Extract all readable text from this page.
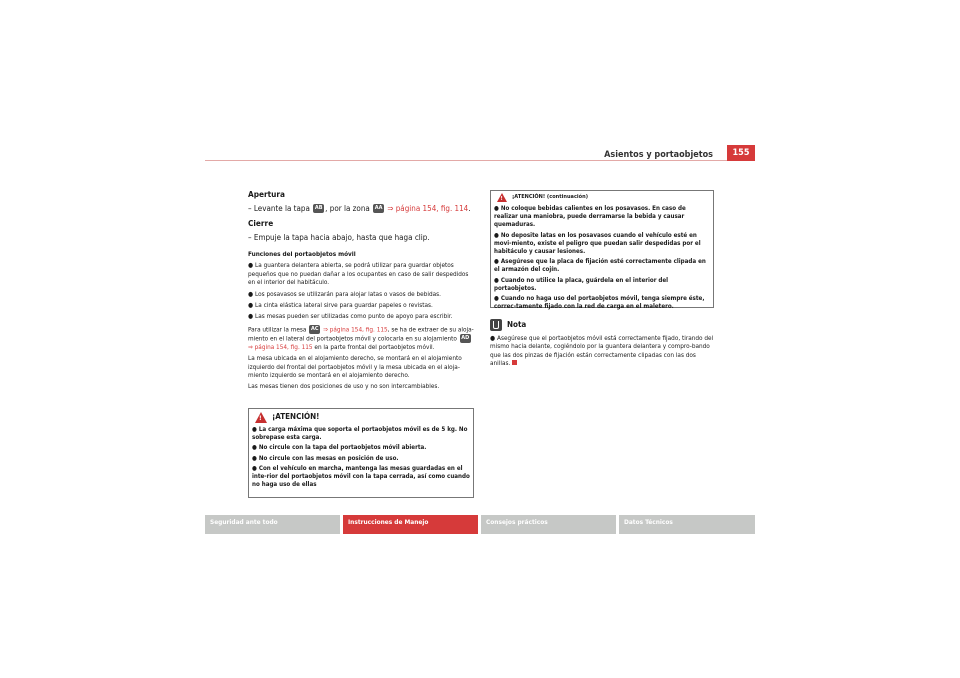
Asientos y portaobjetos	155

Apertura

– Levante la tapa AB , por la zona AA ⇒ página 154, fig. 114.

Cierre

– Empuje la tapa hacia abajo, hasta que haga clip.

Funciones del portaobjetos móvil

● La guantera delantera abierta, se podrá utilizar para guardar objetos pequeños que no puedan dañar a los ocupantes en caso de salir despedidos en el interior del habitáculo.

● Los posavasos se utilizarán para alojar latas o vasos de bebidas.

● La cinta elástica lateral sirve para guardar papeles o revistas.

● Las mesas pueden ser utilizadas como punto de apoyo para escribir.

Para utilizar la mesa AC ⇒ página 154, fig. 115, se ha de extraer de su aloja-miento en el lateral del portaobjetos móvil y colocarla en su alojamiento AD ⇒ página 154, fig. 115 en la parte frontal del portaobjetos móvil.

La mesa ubicada en el alojamiento derecho, se montará en el alojamiento izquierdo del frontal del portaobjetos móvil y la mesa ubicada en el aloja-miento izquierdo se montará en el alojamiento derecho.

Las mesas tienen dos posiciones de uso y no son intercambiables.

!
¡ATENCIÓN!

● La carga máxima que soporta el portaobjetos móvil es de 5 kg. No sobrepase esta carga.

● No circule con la tapa del portaobjetos móvil abierta.

● No circule con las mesas en posición de uso.

● Con el vehículo en marcha, mantenga las mesas guardadas en el inte-rior del portaobjetos móvil con la tapa cerrada, así como cuando no haga uso de ellas

!
¡ATENCIÓN! (continuación)

● No coloque bebidas calientes en los posavasos. En caso de realizar una maniobra, puede derramarse la bebida y causar quemaduras.

● No deposite latas en los posavasos cuando el vehículo esté en movi-miento, existe el peligro que puedan salir despedidas por el habitáculo y causar lesiones.

● Asegúrese que la placa de fijación esté correctamente clipada en el armazón del cojín.

● Cuando no utilice la placa, guárdela en el interior del portaobjetos.

● Cuando no haga uso del portaobjetos móvil, tenga siempre éste, correc-tamente fijado con la red de carga en el maletero.

Nota

● Asegúrese que el portaobjetos móvil está correctamente fijado, tirando del mismo hacia delante, cogiéndolo por la guantera delantera y compro-bando que las dos pinzas de fijación están correctamente clipadas con las dos anillas.

Seguridad ante todo	Instrucciones de Manejo	Consejos prácticos	Datos Técnicos
